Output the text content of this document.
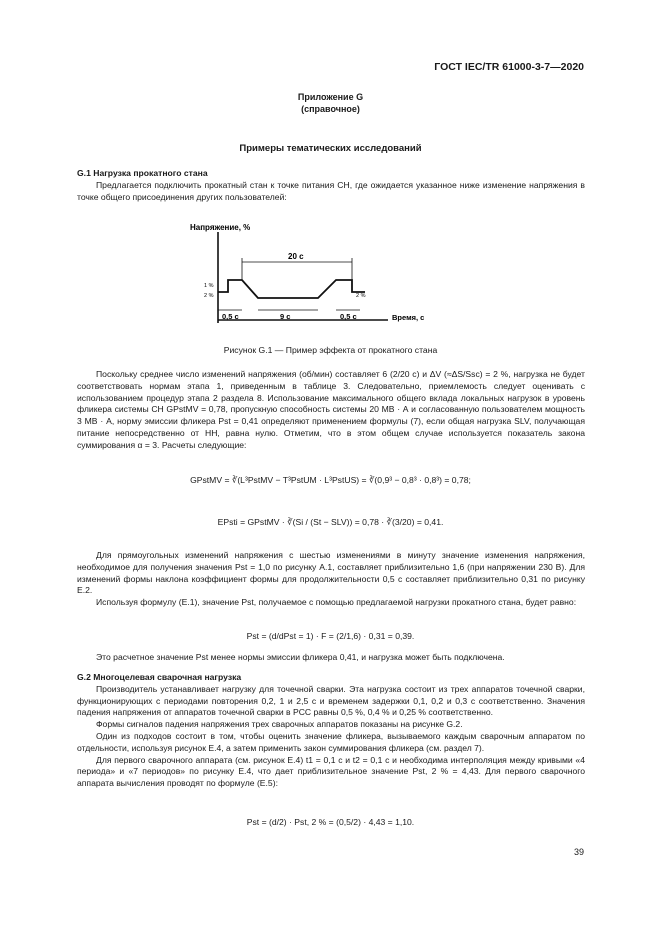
ГОСТ IEC/TR 61000-3-7—2020
Приложение G
(справочное)
Примеры тематических исследований

G.1 Нагрузка прокатного стана

Предлагается подключить прокатный стан к точке питания СН, где ожидается указанное ниже изменение напряжения в точке общего присоединения других пользователей:

Напряжение, %
20 с
1 %
2 %	2 %
0,5 с	9 с	0,5 с	Время, с
Рисунок G.1 — Пример эффекта от прокатного стана

Поскольку среднее число изменений напряжения (об/мин) составляет 6 (2/20 с) и ΔV (≈ΔS/Ssc) = 2 %, нагрузка не будет соответствовать нормам этапа 1, приведенным в таблице 3. Следовательно, приемлемость следует оценивать с использованием процедур этапа 2 раздела 8. Использование максимального общего вклада локальных нагрузок в уровень фликера системы СН GPstMV = 0,78, пропускную способность системы 20 МВ · А и согласованную пользователем мощность 3 МВ · А, норму эмиссии фликера Pst = 0,41 определяют применением формулы (7), если общая нагрузка SLV, получающая питание непосредственно от НН, равна нулю. Отметим, что в этом общем случае используется показатель закона суммирования α = 3. Расчеты следующие:

GPstMV = ∛(L³PstMV − T³PstUM · L³PstUS) = ∛(0,9³ − 0,8³ · 0,8³) = 0,78;
EPsti = GPstMV · ∛(Si / (St − SLV)) = 0,78 · ∛(3/20) = 0,41.

Для прямоугольных изменений напряжения с шестью изменениями в минуту значение изменения напряжения, необходимое для получения значения Pst = 1,0 по рисунку А.1, составляет приблизительно 1,6 (при напряжении 230 В). Для изменений формы наклона коэффициент формы для продолжительности 0,5 с составляет приблизительно 0,31 по рисунку Е.2.

Используя формулу (Е.1), значение Pst, получаемое с помощью предлагаемой нагрузки прокатного стана, будет равно:

Pst = (d/dPst = 1) · F = (2/1,6) · 0,31 = 0,39.

Это расчетное значение Pst менее нормы эмиссии фликера 0,41, и нагрузка может быть подключена.

G.2 Многоцелевая сварочная нагрузка

Производитель устанавливает нагрузку для точечной сварки. Эта нагрузка состоит из трех аппаратов точечной сварки, функционирующих с периодами повторения 0,2, 1 и 2,5 с и временем задержки 0,1, 0,2 и 0,3 с соответственно. Значения падения напряжения от аппаратов точечной сварки в PCC равны 0,5 %, 0,4 % и 0,25 % соответственно.

Формы сигналов падения напряжения трех сварочных аппаратов показаны на рисунке G.2.

Один из подходов состоит в том, чтобы оценить значение фликера, вызываемого каждым сварочным аппаратом по отдельности, используя рисунок Е.4, а затем применить закон суммирования фликера (см. раздел 7).

Для первого сварочного аппарата (см. рисунок Е.4) t1 = 0,1 с и t2 = 0,1 с и необходима интерполяция между кривыми «4 периода» и «7 периодов» по рисунку Е.4, что дает приблизительное значение Pst, 2 % = 4,43. Для первого сварочного аппарата вычисления проводят по формуле (Е.5):

Pst = (d/2) · Pst, 2 % = (0,5/2) · 4,43 = 1,10.
39
